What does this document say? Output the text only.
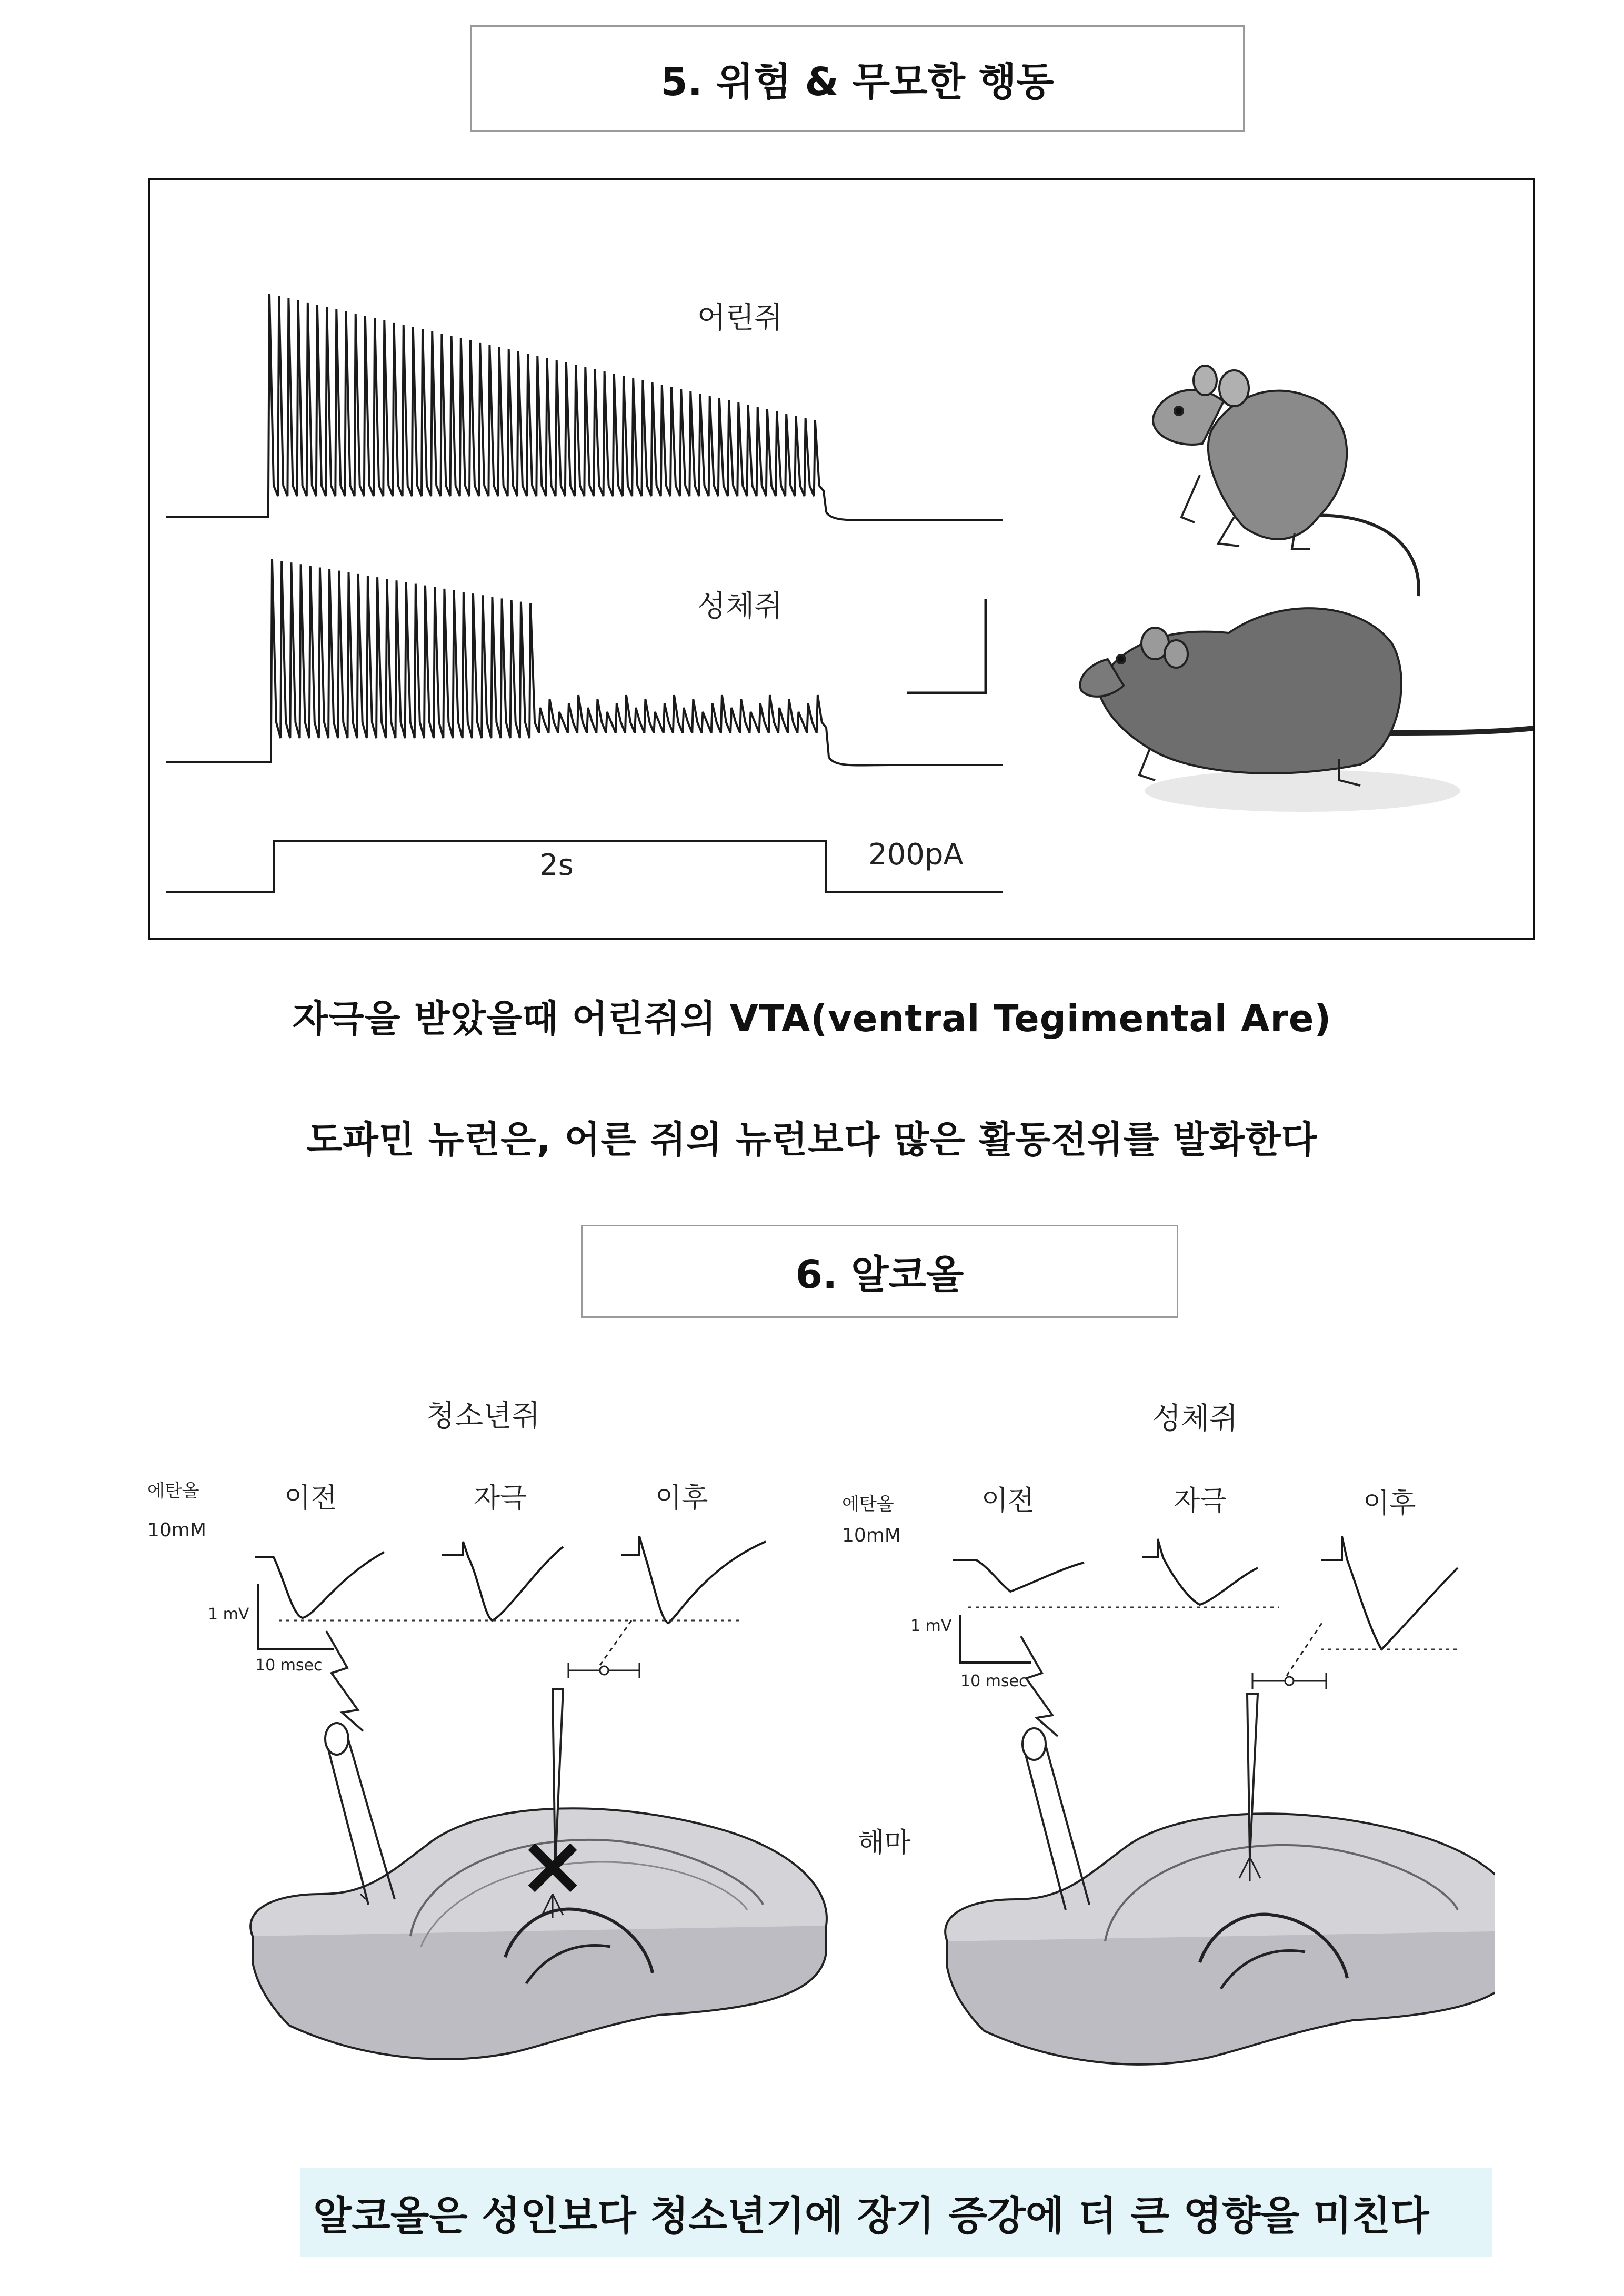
5. 위험 & 무모한 행동
어린쥐
성체쥐
2s	200pA
자극을 받았을때 어린쥐의 VTA(ventral Tegimental Are)
도파민 뉴런은, 어른 쥐의 뉴런보다 많은 활동전위를 발화한다
6. 알코올
청소년쥐
에탄올
10mM
이전	자극	이후
1 mV
10 msec
성체쥐
에탄올
10mM
이전	자극	이후
1 mV
10 msec
해마
알코올은 성인보다 청소년기에 장기 증강에 더 큰 영향을 미친다
